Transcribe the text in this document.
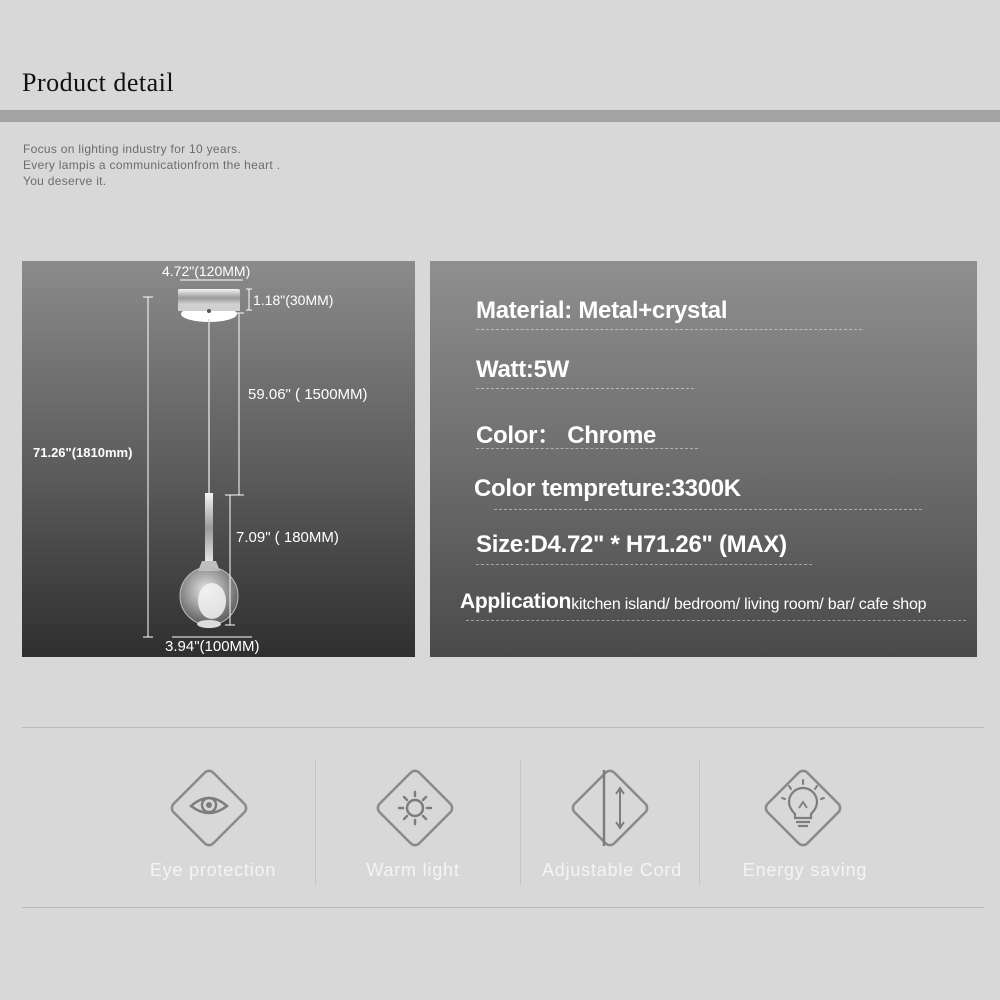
Product detail
Focus on lighting industry for 10 years.
Every lampis a communicationfrom the heart .
You deserve it.
4.72"(120MM)
1.18"(30MM)
59.06" ( 1500MM)
71.26"(1810mm)
7.09" ( 180MM)
3.94"(100MM)
Material: Metal+crystal
Watt:5W
Color： Chrome
Color tempreture:3300K
Size:D4.72" * H71.26" (MAX)
Application
:kitchen island/ bedroom/ living room/ bar/ cafe shop
Eye protection	Warm light	Adjustable Cord	Energy saving
